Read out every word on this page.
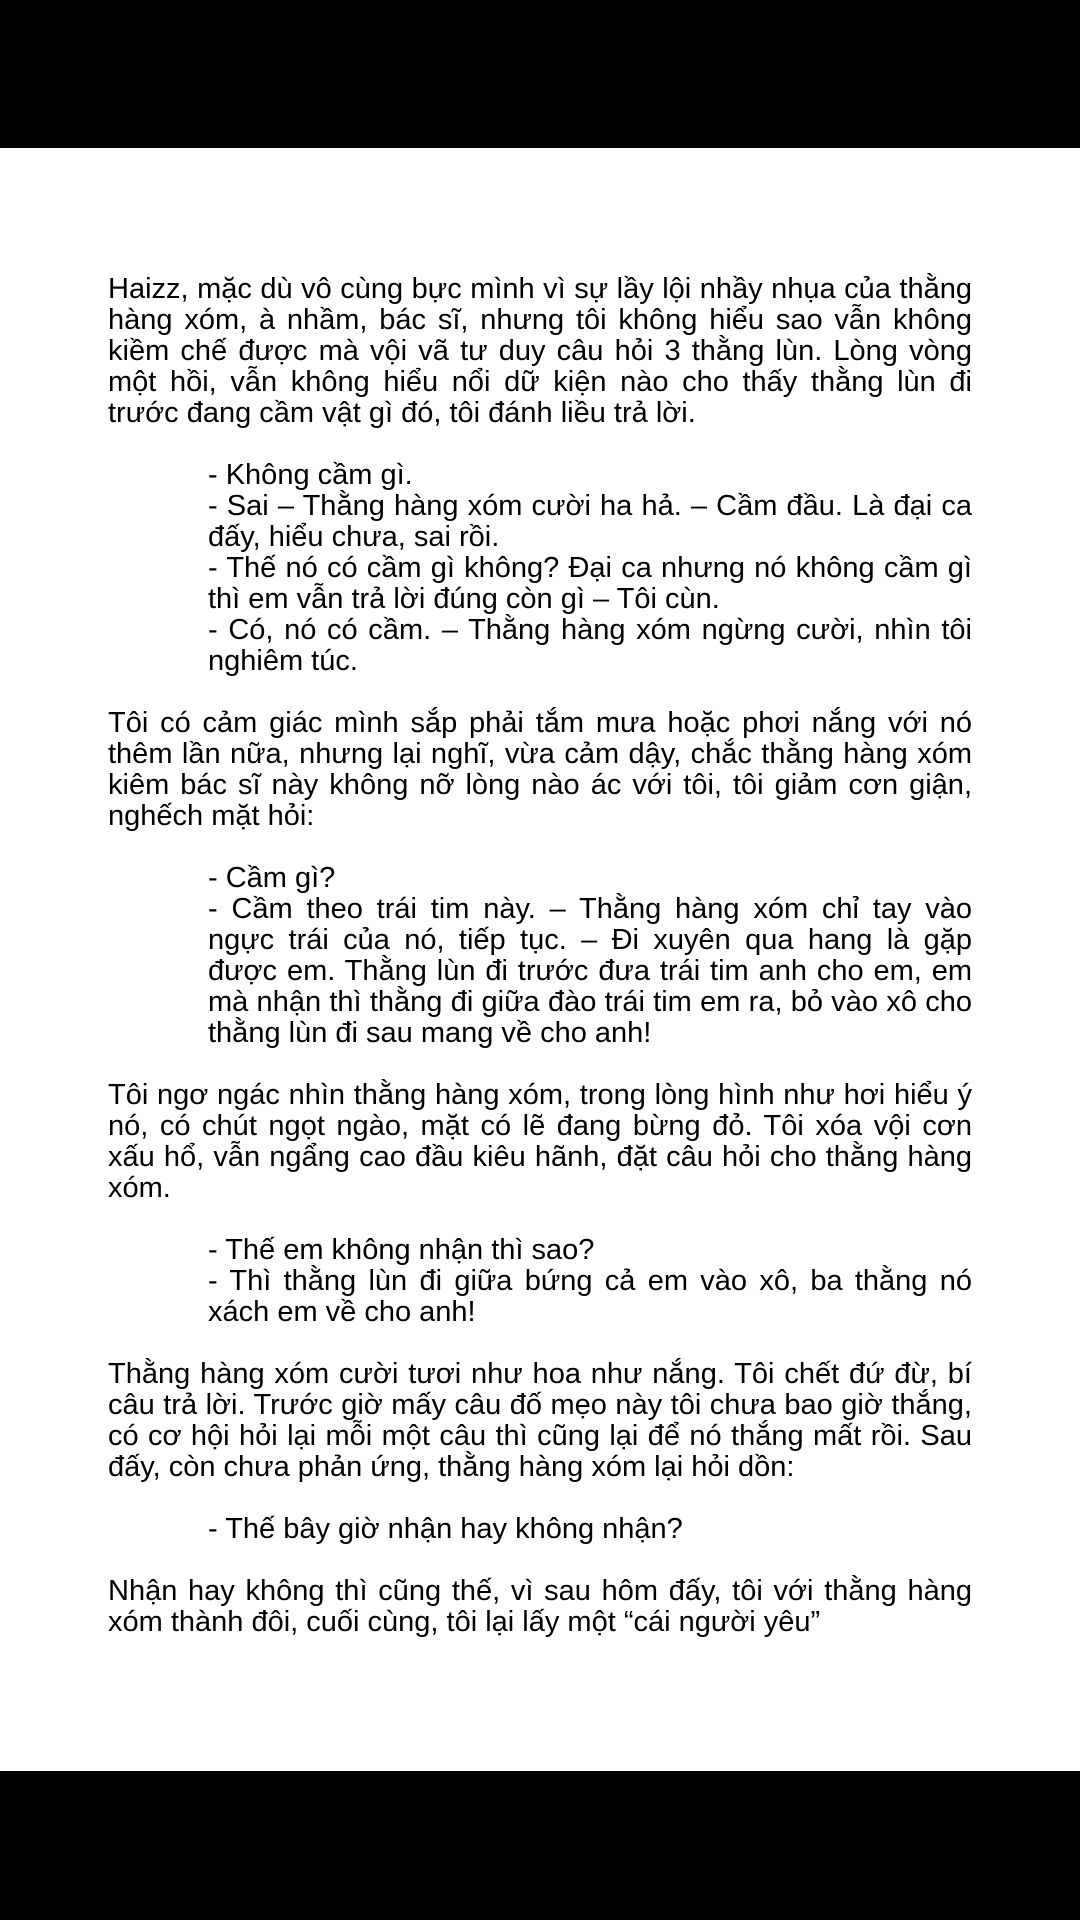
Haizz, mặc dù vô cùng bực mình vì sự lầy lội nhầy nhụa của thằng hàng xóm, à nhầm, bác sĩ, nhưng tôi không hiểu sao vẫn không kiềm chế được mà vội vã tư duy câu hỏi 3 thằng lùn. Lòng vòng một hồi, vẫn không hiểu nổi dữ kiện nào cho thấy thằng lùn đi trước đang cầm vật gì đó, tôi đánh liều trả lời.

- Không cầm gì.

- Sai – Thằng hàng xóm cười ha hả. – Cầm đầu. Là đại ca đấy, hiểu chưa, sai rồi.

- Thế nó có cầm gì không? Đại ca nhưng nó không cầm gì thì em vẫn trả lời đúng còn gì – Tôi cùn.

- Có, nó có cầm. – Thằng hàng xóm ngừng cười, nhìn tôi nghiêm túc.

Tôi có cảm giác mình sắp phải tắm mưa hoặc phơi nắng với nó thêm lần nữa, nhưng lại nghĩ, vừa cảm dậy, chắc thằng hàng xóm kiêm bác sĩ này không nỡ lòng nào ác với tôi, tôi giảm cơn giận, nghếch mặt hỏi:

- Cầm gì?

- Cầm theo trái tim này. – Thằng hàng xóm chỉ tay vào ngực trái của nó, tiếp tục. – Đi xuyên qua hang là gặp được em. Thằng lùn đi trước đưa trái tim anh cho em, em mà nhận thì thằng đi giữa đào trái tim em ra, bỏ vào xô cho thằng lùn đi sau mang về cho anh!

Tôi ngơ ngác nhìn thằng hàng xóm, trong lòng hình như hơi hiểu ý nó, có chút ngọt ngào, mặt có lẽ đang bừng đỏ. Tôi xóa vội cơn xấu hổ, vẫn ngẩng cao đầu kiêu hãnh, đặt câu hỏi cho thằng hàng xóm.

- Thế em không nhận thì sao?

- Thì thằng lùn đi giữa bứng cả em vào xô, ba thằng nó xách em về cho anh!

Thằng hàng xóm cười tươi như hoa như nắng. Tôi chết đứ đừ, bí câu trả lời. Trước giờ mấy câu đố mẹo này tôi chưa bao giờ thắng, có cơ hội hỏi lại mỗi một câu thì cũng lại để nó thắng mất rồi. Sau đấy, còn chưa phản ứng, thằng hàng xóm lại hỏi dồn:

- Thế bây giờ nhận hay không nhận?

Nhận hay không thì cũng thế, vì sau hôm đấy, tôi với thằng hàng xóm thành đôi, cuối cùng, tôi lại lấy một “cái người yêu”
